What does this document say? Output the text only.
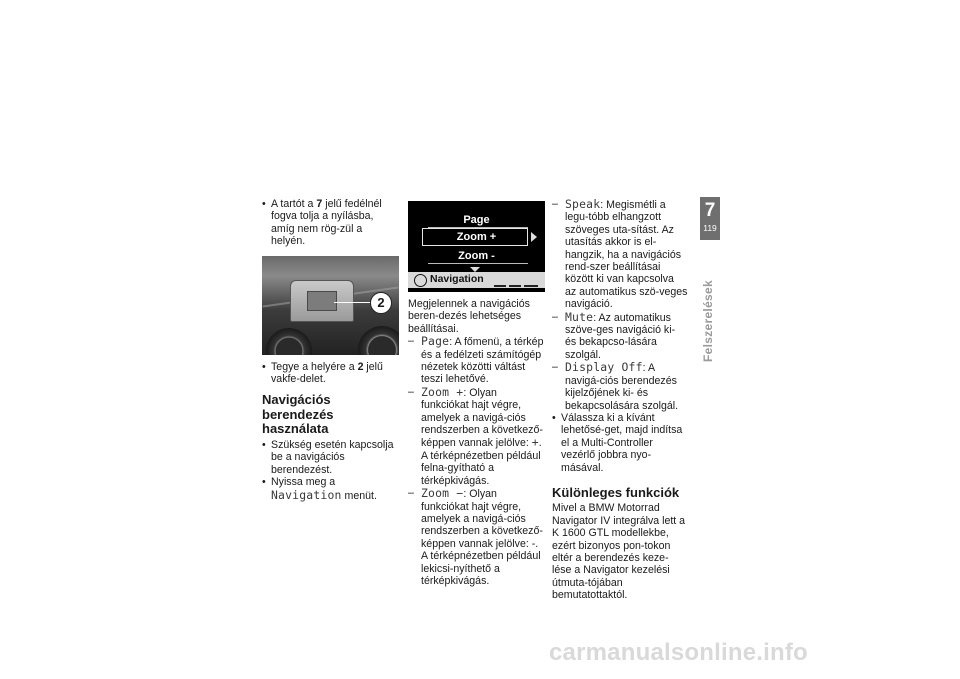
• A tartót a 7 jelű fedélnél fogva tolja a nyílásba, amíg nem rög-zül a helyén.
2
• Tegye a helyére a 2 jelű vakfe-delet.
Navigációs berendezés használata
• Szükség esetén kapcsolja be a navigációs berendezést.
• Nyissa meg a Navigation menüt.
Page
Zoom +
Zoom -
Navigation

Megjelennek a navigációs beren-dezés lehetséges beállításai.

– Page: A főmenü, a térkép és a fedélzeti számítógép nézetek közötti váltást teszi lehetővé.
– Zoom +: Olyan funkciókat hajt végre, amelyek a navigá-ciós rendszerben a következő-képpen vannak jelölve: +. A térképnézetben például felna-gyítható a térképkivágás.
– Zoom −: Olyan funkciókat hajt végre, amelyek a navigá-ciós rendszerben a következő-képpen vannak jelölve: -. A térképnézetben például lekicsi-nyíthető a térképkivágás.
– Speak: Megismétli a legu-tóbb elhangzott szöveges uta-sítást. Az utasítás akkor is el-hangzik, ha a navigációs rend-szer beállításai között ki van kapcsolva az automatikus szö-veges navigáció.
– Mute: Az automatikus szöve-ges navigáció ki- és bekapcso-lására szolgál.
– Display Off: A navigá-ciós berendezés kijelzőjének ki- és bekapcsolására szolgál.
• Válassza ki a kívánt lehetősé-get, majd indítsa el a Multi-Controller vezérlő jobbra nyo-másával.
Különleges funkciók

Mivel a BMW Motorrad Navigator IV integrálva lett a K 1600 GTL modellekbe, ezért bizonyos pon-tokon eltér a berendezés keze-lése a Navigator kezelési útmuta-tójában bemutatottaktól.

7
119
Felszerelések
carmanualsonline.info
